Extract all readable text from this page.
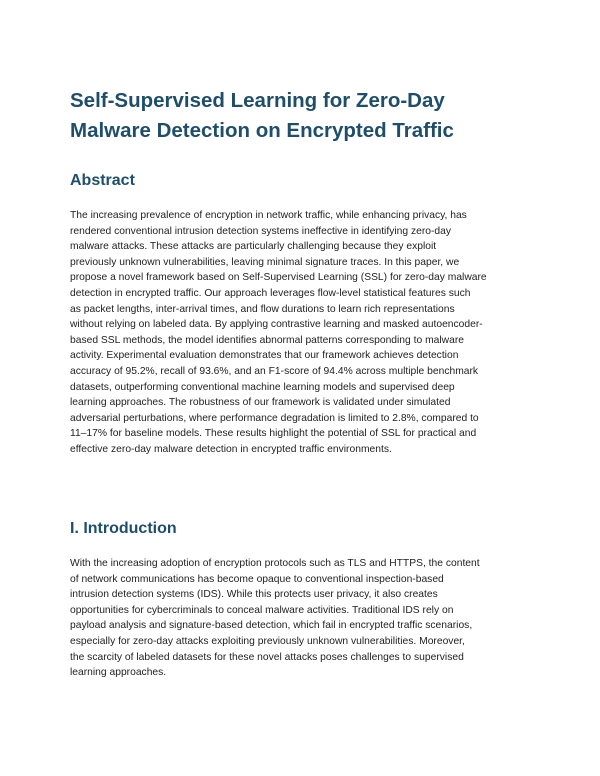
Self-Supervised Learning for Zero-Day
Malware Detection on Encrypted Traffic
Abstract

The increasing prevalence of encryption in network traffic, while enhancing privacy, has
rendered conventional intrusion detection systems ineffective in identifying zero-day
malware attacks. These attacks are particularly challenging because they exploit
previously unknown vulnerabilities, leaving minimal signature traces. In this paper, we
propose a novel framework based on Self-Supervised Learning (SSL) for zero-day malware
detection in encrypted traffic. Our approach leverages flow-level statistical features such
as packet lengths, inter-arrival times, and flow durations to learn rich representations
without relying on labeled data. By applying contrastive learning and masked autoencoder-
based SSL methods, the model identifies abnormal patterns corresponding to malware
activity. Experimental evaluation demonstrates that our framework achieves detection
accuracy of 95.2%, recall of 93.6%, and an F1-score of 94.4% across multiple benchmark
datasets, outperforming conventional machine learning models and supervised deep
learning approaches. The robustness of our framework is validated under simulated
adversarial perturbations, where performance degradation is limited to 2.8%, compared to
11–17% for baseline models. These results highlight the potential of SSL for practical and
effective zero-day malware detection in encrypted traffic environments.

I. Introduction

With the increasing adoption of encryption protocols such as TLS and HTTPS, the content
of network communications has become opaque to conventional inspection-based
intrusion detection systems (IDS). While this protects user privacy, it also creates
opportunities for cybercriminals to conceal malware activities. Traditional IDS rely on
payload analysis and signature-based detection, which fail in encrypted traffic scenarios,
especially for zero-day attacks exploiting previously unknown vulnerabilities. Moreover,
the scarcity of labeled datasets for these novel attacks poses challenges to supervised
learning approaches.
